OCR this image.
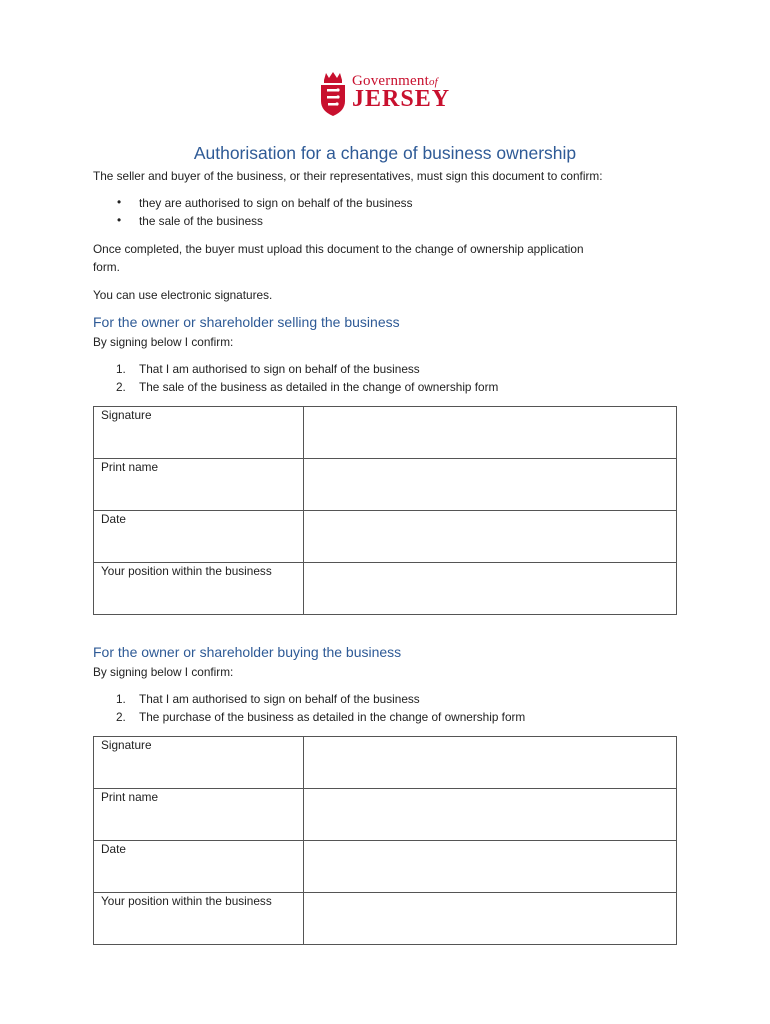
Governmentof
JERSEY
Authorisation for a change of business ownership
The seller and buyer of the business, or their representatives, must sign this document to confirm:
• they are authorised to sign on behalf of the business
• the sale of the business
Once completed, the buyer must upload this document to the change of ownership application
form.
You can use electronic signatures.
For the owner or shareholder selling the business
By signing below I confirm:
1. That I am authorised to sign on behalf of the business
2. The sale of the business as detailed in the change of ownership form
Signature	
Print name	
Date	
Your position within the business	
For the owner or shareholder buying the business
By signing below I confirm:
1. That I am authorised to sign on behalf of the business
2. The purchase of the business as detailed in the change of ownership form
Signature	
Print name	
Date	
Your position within the business	
